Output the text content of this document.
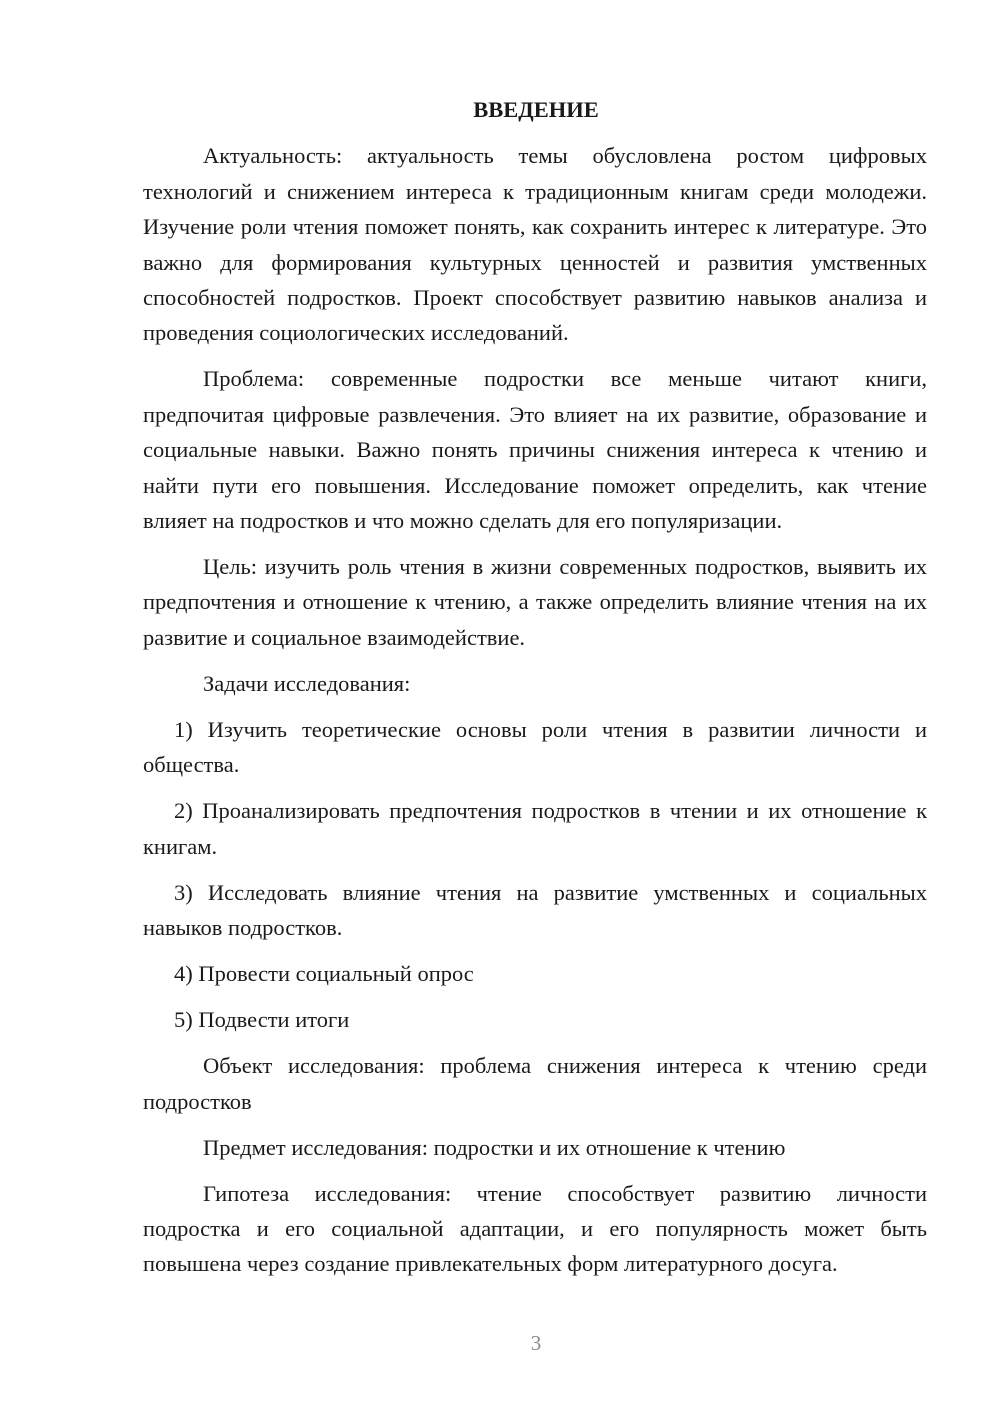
ВВЕДЕНИЕ

Актуальность: актуальность темы обусловлена ростом цифровых технологий и снижением интереса к традиционным книгам среди молодежи. Изучение роли чтения поможет понять, как сохранить интерес к литературе. Это важно для формирования культурных ценностей и развития умственных способностей подростков. Проект способствует развитию навыков анализа и проведения социологических исследований.

Проблема: современные подростки все меньше читают книги, предпочитая цифровые развлечения. Это влияет на их развитие, образование и социальные навыки. Важно понять причины снижения интереса к чтению и найти пути его повышения. Исследование поможет определить, как чтение влияет на подростков и что можно сделать для его популяризации.

Цель: изучить роль чтения в жизни современных подростков, выявить их предпочтения и отношение к чтению, а также определить влияние чтения на их развитие и социальное взаимодействие.

Задачи исследования:

1) Изучить теоретические основы роли чтения в развитии личности и общества.

2) Проанализировать предпочтения подростков в чтении и их отношение к книгам.

3) Исследовать влияние чтения на развитие умственных и социальных навыков подростков.

4) Провести социальный опрос

5) Подвести итоги

Объект исследования: проблема снижения интереса к чтению среди подростков

Предмет исследования: подростки и их отношение к чтению

Гипотеза исследования: чтение способствует развитию личности подростка и его социальной адаптации, и его популярность может быть повышена через создание привлекательных форм литературного досуга.

3
